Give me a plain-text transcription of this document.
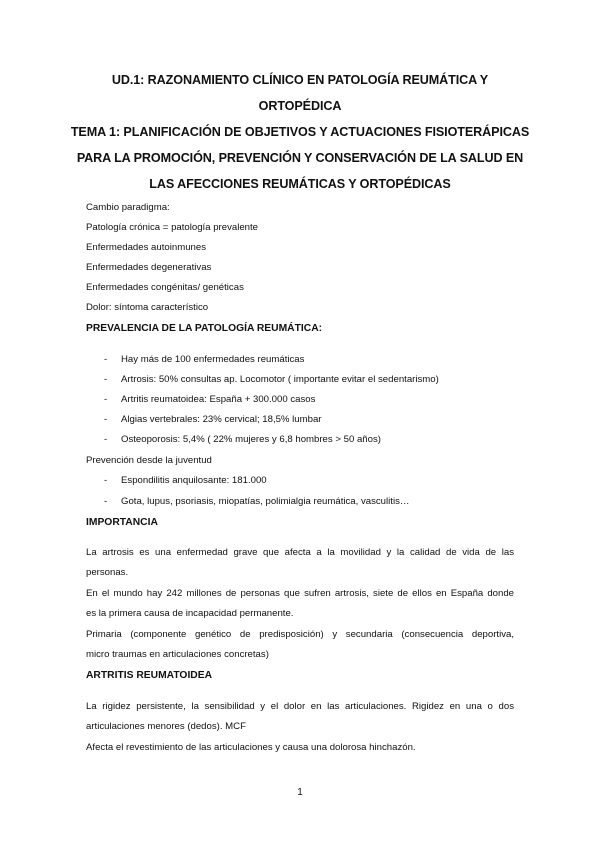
UD.1: RAZONAMIENTO CLÍNICO EN PATOLOGÍA REUMÁTICA Y
ORTOPÉDICA
TEMA 1: PLANIFICACIÓN DE OBJETIVOS Y ACTUACIONES FISIOTERÁPICAS
PARA LA PROMOCIÓN, PREVENCIÓN Y CONSERVACIÓN DE LA SALUD EN
LAS AFECCIONES REUMÁTICAS Y ORTOPÉDICAS
Cambio paradigma:
Patología crónica = patología prevalente
Enfermedades autoinmunes
Enfermedades degenerativas
Enfermedades congénitas/ genéticas
Dolor: síntoma característico
PREVALENCIA DE LA PATOLOGÍA REUMÁTICA:
- Hay más de 100 enfermedades reumáticas
- Artrosis: 50% consultas ap. Locomotor ( importante evitar el sedentarismo)
- Artritis reumatoidea: España + 300.000 casos
- Algias vertebrales: 23% cervical; 18,5% lumbar
- Osteoporosis: 5,4% ( 22% mujeres y 6,8 hombres > 50 años)
Prevención desde la juventud
- Espondilitis anquilosante: 181.000
- Gota, lupus, psoriasis, miopatías, polimialgia reumática, vasculitis…
IMPORTANCIA
La artrosis es una enfermedad grave que afecta a la movilidad y la calidad de vida de las
personas.
En el mundo hay 242 millones de personas que sufren artrosis, siete de ellos en España donde
es la primera causa de incapacidad permanente.
Primaria (componente genético de predisposición) y secundaria (consecuencia deportiva,
micro traumas en articulaciones concretas)
ARTRITIS REUMATOIDEA
La rigidez persistente, la sensibilidad y el dolor en las articulaciones. Rigidez en una o dos
articulaciones menores (dedos). MCF
Afecta el revestimiento de las articulaciones y causa una dolorosa hinchazón.
1
